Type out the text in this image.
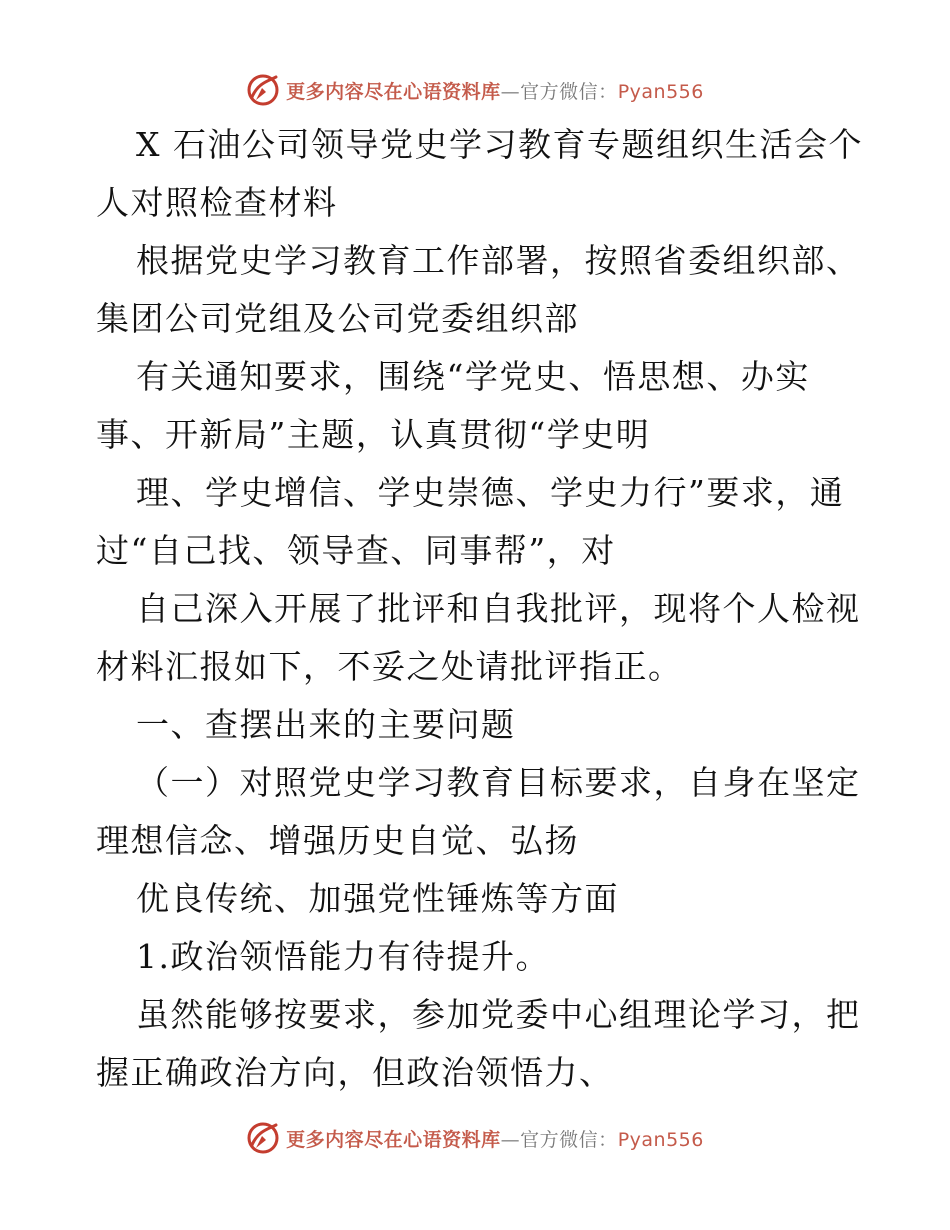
更多内容尽在心语资料库—官方微信：Pyan556
X 石油公司领导党史学习教育专题组织生活会个
人对照检查材料
根据党史学习教育工作部署，按照省委组织部、
集团公司党组及公司党委组织部
有关通知要求，围绕“学党史、悟思想、办实
事、开新局”主题，认真贯彻“学史明
理、学史增信、学史崇德、学史力行”要求，通
过“自己找、领导查、同事帮”，对
自己深入开展了批评和自我批评，现将个人检视
材料汇报如下，不妥之处请批评指正。
一、查摆出来的主要问题
（一）对照党史学习教育目标要求，自身在坚定
理想信念、增强历史自觉、弘扬
优良传统、加强党性锤炼等方面
1.政治领悟能力有待提升。
虽然能够按要求，参加党委中心组理论学习，把
握正确政治方向，但政治领悟力、
更多内容尽在心语资料库—官方微信：Pyan556
